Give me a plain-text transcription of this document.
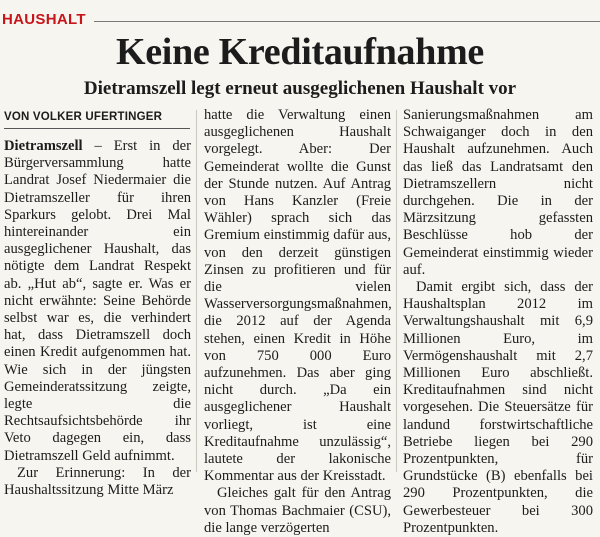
HAUSHALT
Keine Kreditaufnahme
Dietramszell legt erneut ausgeglichenen Haushalt vor
VON VOLKER UFERTINGER

Dietramszell – Erst in der Bürgerversammlung hatte Landrat Josef Niedermaier die Dietramszeller für ihren Sparkurs gelobt. Drei Mal hintereinander ein ausgeglichener Haushalt, das nötigte dem Landrat Respekt ab. „Hut ab“, sagte er. Was er nicht erwähnte: Seine Behörde selbst war es, die verhindert hat, dass Dietramszell doch einen Kredit aufgenommen hat. Wie sich in der jüngsten Gemeinderatssitzung zeigte, legte die Rechtsaufsichtsbehörde ihr Veto dagegen ein, dass Dietramszell Geld aufnimmt.

Zur Erinnerung: In der Haushaltssitzung Mitte März

hatte die Verwaltung einen ausgeglichenen Haushalt vorgelegt. Aber: Der Gemeinderat wollte die Gunst der Stunde nutzen. Auf Antrag von Hans Kanzler (Freie Wähler) sprach sich das Gremium einstimmig dafür aus, von den derzeit günstigen Zinsen zu profitieren und für die vielen Wasserversorgungsmaßnahmen, die 2012 auf der Agenda stehen, einen Kredit in Höhe von 750 000 Euro aufzunehmen. Das aber ging nicht durch. „Da ein ausgeglichener Haushalt vorliegt, ist eine Kreditaufnahme unzulässig“, lautete der lakonische Kommentar aus der Kreisstadt.

Gleiches galt für den Antrag von Thomas Bachmaier (CSU), die lange verzögerten

Sanierungsmaßnahmen am Schwaiganger doch in den Haushalt aufzunehmen. Auch das ließ das Landratsamt den Dietramszellern nicht durchgehen. Die in der Märzsitzung gefassten Beschlüsse hob der Gemeinderat einstimmig wieder auf.

Damit ergibt sich, dass der Haushaltsplan 2012 im Verwaltungshaushalt mit 6,9 Millionen Euro, im Vermögenshaushalt mit 2,7 Millionen Euro abschließt. Kreditaufnahmen sind nicht vorgesehen. Die Steuersätze für landund forstwirtschaftliche Betriebe liegen bei 290 Prozentpunkten, für Grundstücke (B) ebenfalls bei 290 Prozentpunkten, die Gewerbesteuer bei 300 Prozentpunkten.
